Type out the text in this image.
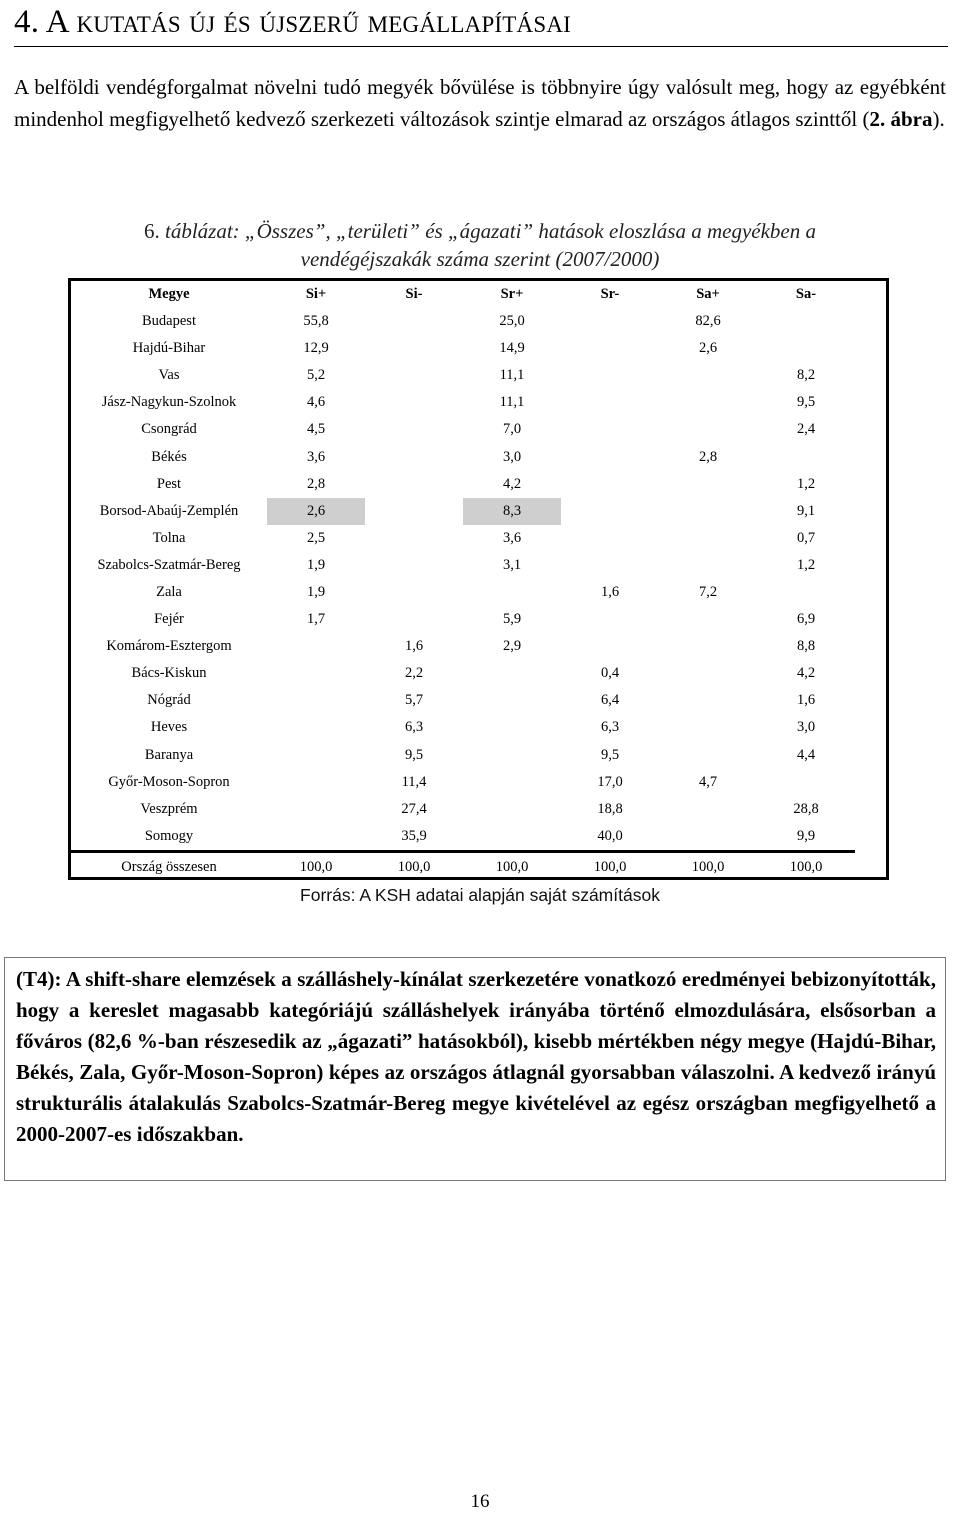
4. A kutatás új és újszerű megállapításai
A belföldi vendégforgalmat növelni tudó megyék bővülése is többnyire úgy valósult meg, hogy az egyébként mindenhol megfigyelhető kedvező szerkezeti változások szintje elmarad az országos átlagos szinttől (2. ábra).
6. táblázat: „Összes”, „területi” és „ágazati” hatások eloszlása a megyékben a
vendégéjszakák száma szerint (2007/2000)
Megye	Si+	Si-	Sr+	Sr-	Sa+	Sa-
Budapest	55,8		25,0		82,6	
Hajdú-Bihar	12,9		14,9		2,6	
Vas	5,2		11,1			8,2
Jász-Nagykun-Szolnok	4,6		11,1			9,5
Csongrád	4,5		7,0			2,4
Békés	3,6		3,0		2,8	
Pest	2,8		4,2			1,2
Borsod-Abaúj-Zemplén	2,6		8,3			9,1
Tolna	2,5		3,6			0,7
Szabolcs-Szatmár-Bereg	1,9		3,1			1,2
Zala	1,9			1,6	7,2	
Fejér	1,7		5,9			6,9
Komárom-Esztergom		1,6	2,9			8,8
Bács-Kiskun		2,2		0,4		4,2
Nógrád		5,7		6,4		1,6
Heves		6,3		6,3		3,0
Baranya		9,5		9,5		4,4
Győr-Moson-Sopron		11,4		17,0	4,7	
Veszprém		27,4		18,8		28,8
Somogy		35,9		40,0		9,9
Ország összesen	100,0	100,0	100,0	100,0	100,0	100,0
Forrás: A KSH adatai alapján saját számítások
(T4): A shift-share elemzések a szálláshely-kínálat szerkezetére vonatkozó eredményei bebizonyították, hogy a kereslet magasabb kategóriájú szálláshelyek irányába történő elmozdulására, elsősorban a főváros (82,6 %-ban részesedik az „ágazati” hatásokból), kisebb mértékben négy megye (Hajdú-Bihar, Békés, Zala, Győr-Moson-Sopron) képes az országos átlagnál gyorsabban válaszolni. A kedvező irányú strukturális átalakulás Szabolcs-Szatmár-Bereg megye kivételével az egész országban megfigyelhető a 2000-2007-es időszakban.
16
